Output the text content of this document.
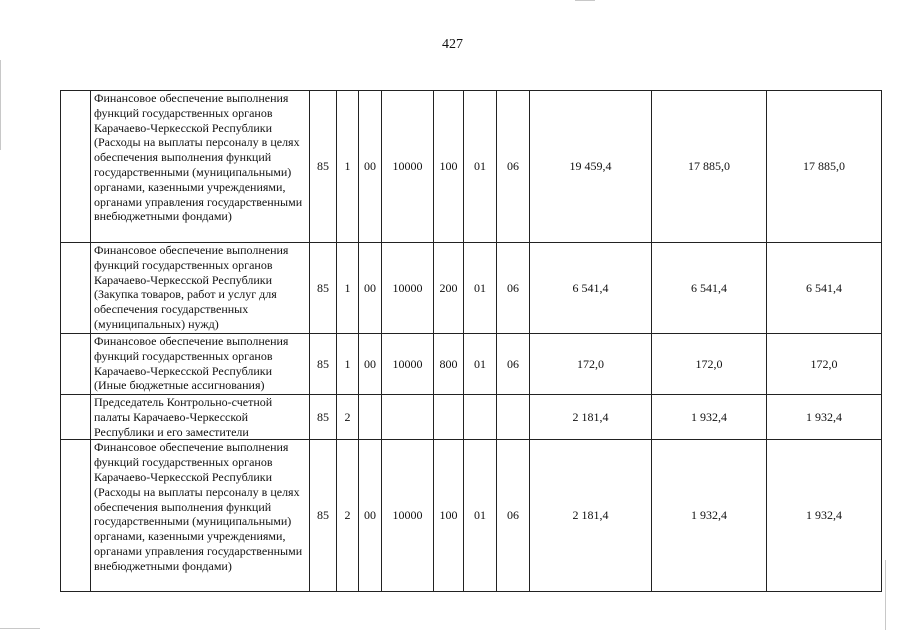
427
	Финансовое обеспечение выполнения функций государственных органов Карачаево-Черкесской Республики (Расходы на выплаты персоналу в целях обеспечения выполнения функций государственными (муниципальными) органами, казенными учреждениями, органами управления государственными внебюджетными фондами)	85	1	00	10000	100	01	06	19 459,4	17 885,0	17 885,0
	Финансовое обеспечение выполнения функций государственных органов Карачаево-Черкесской Республики (Закупка товаров, работ и услуг для обеспечения государственных (муниципальных) нужд)	85	1	00	10000	200	01	06	6 541,4	6 541,4	6 541,4
	Финансовое обеспечение выполнения функций государственных органов Карачаево-Черкесской Республики (Иные бюджетные ассигнования)	85	1	00	10000	800	01	06	172,0	172,0	172,0
	Председатель Контрольно-счетной палаты Карачаево-Черкесской Республики и его заместители	85	2						2 181,4	1 932,4	1 932,4
	Финансовое обеспечение выполнения функций государственных органов Карачаево-Черкесской Республики (Расходы на выплаты персоналу в целях обеспечения выполнения функций государственными (муниципальными) органами, казенными учреждениями, органами управления государственными внебюджетными фондами)	85	2	00	10000	100	01	06	2 181,4	1 932,4	1 932,4
